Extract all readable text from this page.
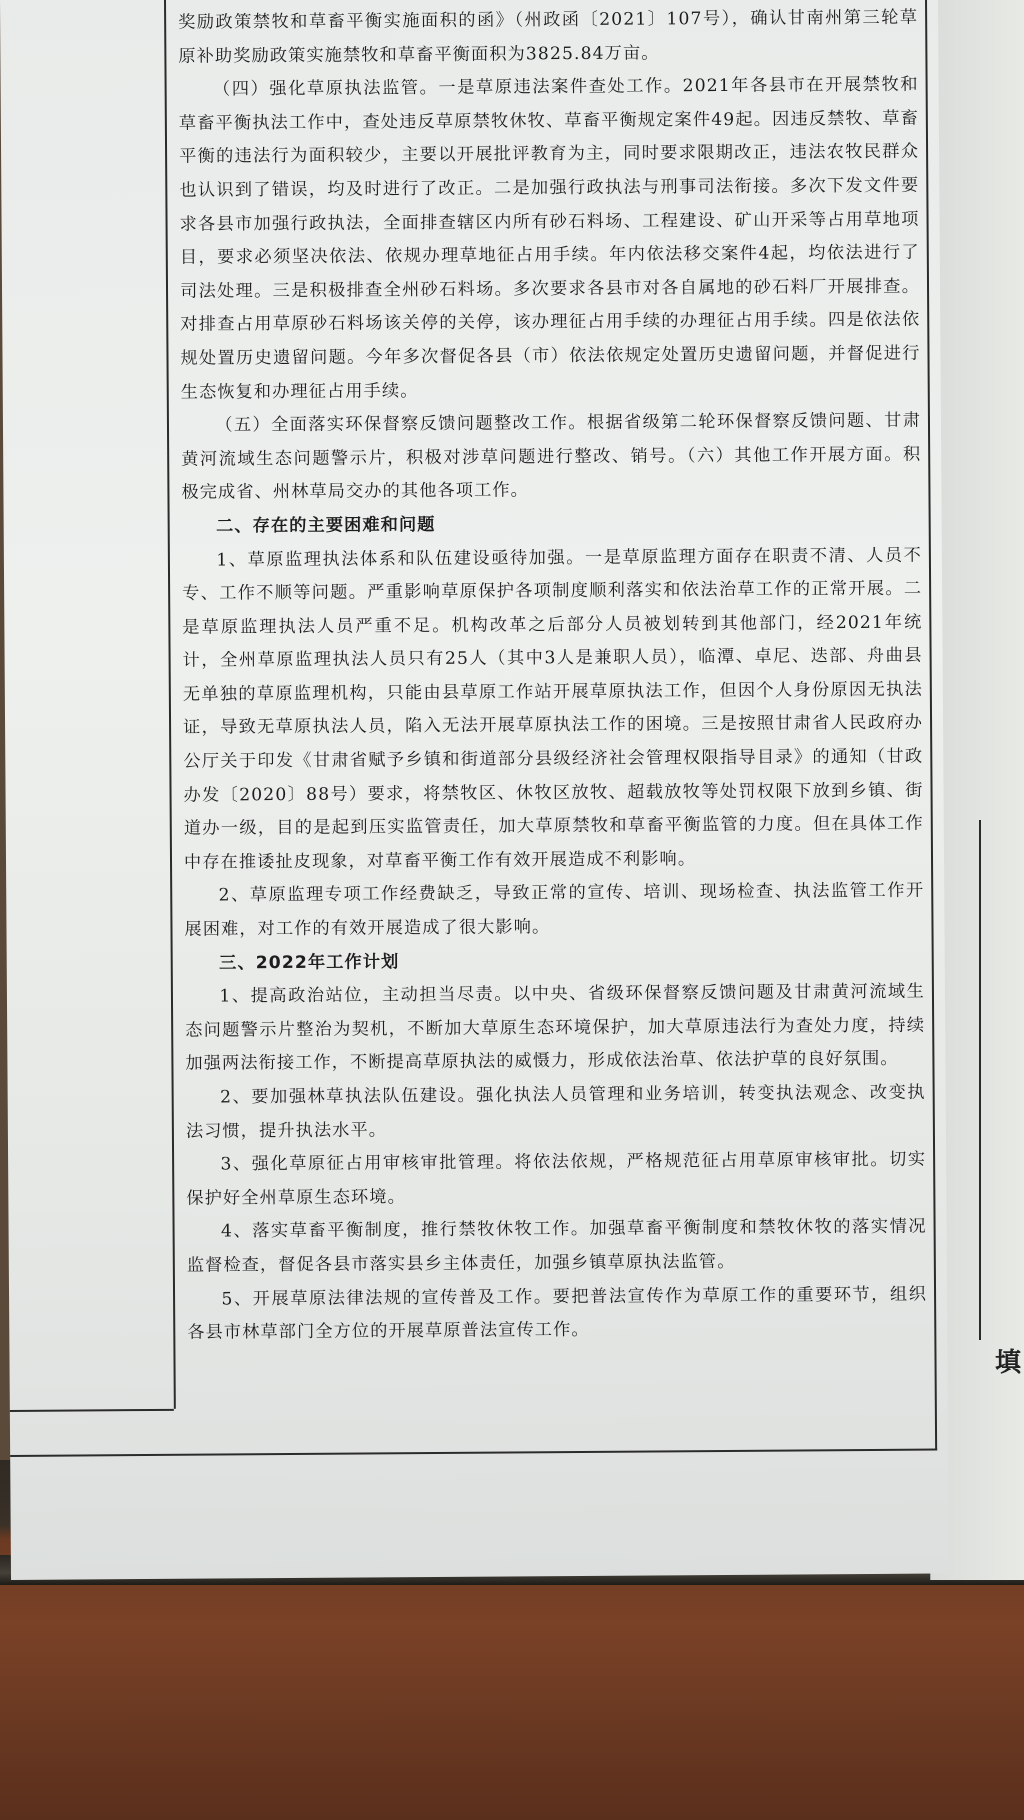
填

奖励政策禁牧和草畜平衡实施面积的函》（州政函〔2021〕107号），确认甘南州第三轮草原补助奖励政策实施禁牧和草畜平衡面积为3825.84万亩。

（四）强化草原执法监管。一是草原违法案件查处工作。2021年各县市在开展禁牧和草畜平衡执法工作中，查处违反草原禁牧休牧、草畜平衡规定案件49起。因违反禁牧、草畜平衡的违法行为面积较少，主要以开展批评教育为主，同时要求限期改正，违法农牧民群众也认识到了错误，均及时进行了改正。二是加强行政执法与刑事司法衔接。多次下发文件要求各县市加强行政执法，全面排查辖区内所有砂石料场、工程建设、矿山开采等占用草地项目，要求必须坚决依法、依规办理草地征占用手续。年内依法移交案件4起，均依法进行了司法处理。三是积极排查全州砂石料场。多次要求各县市对各自属地的砂石料厂开展排查。对排查占用草原砂石料场该关停的关停，该办理征占用手续的办理征占用手续。四是依法依规处置历史遗留问题。今年多次督促各县（市）依法依规定处置历史遗留问题，并督促进行生态恢复和办理征占用手续。

（五）全面落实环保督察反馈问题整改工作。根据省级第二轮环保督察反馈问题、甘肃黄河流域生态问题警示片，积极对涉草问题进行整改、销号。（六）其他工作开展方面。积极完成省、州林草局交办的其他各项工作。

二、存在的主要困难和问题

1、草原监理执法体系和队伍建设亟待加强。一是草原监理方面存在职责不清、人员不专、工作不顺等问题。严重影响草原保护各项制度顺利落实和依法治草工作的正常开展。二是草原监理执法人员严重不足。机构改革之后部分人员被划转到其他部门，经2021年统计，全州草原监理执法人员只有25人（其中3人是兼职人员），临潭、卓尼、迭部、舟曲县无单独的草原监理机构，只能由县草原工作站开展草原执法工作，但因个人身份原因无执法证，导致无草原执法人员，陷入无法开展草原执法工作的困境。三是按照甘肃省人民政府办公厅关于印发《甘肃省赋予乡镇和街道部分县级经济社会管理权限指导目录》的通知（甘政办发〔2020〕88号）要求，将禁牧区、休牧区放牧、超载放牧等处罚权限下放到乡镇、街道办一级，目的是起到压实监管责任，加大草原禁牧和草畜平衡监管的力度。但在具体工作中存在推诿扯皮现象，对草畜平衡工作有效开展造成不利影响。

2、草原监理专项工作经费缺乏，导致正常的宣传、培训、现场检查、执法监管工作开展困难，对工作的有效开展造成了很大影响。

三、2022年工作计划

1、提高政治站位，主动担当尽责。以中央、省级环保督察反馈问题及甘肃黄河流域生态问题警示片整治为契机，不断加大草原生态环境保护，加大草原违法行为查处力度，持续加强两法衔接工作，不断提高草原执法的威慑力，形成依法治草、依法护草的良好氛围。

2、要加强林草执法队伍建设。强化执法人员管理和业务培训，转变执法观念、改变执法习惯，提升执法水平。

3、强化草原征占用审核审批管理。将依法依规，严格规范征占用草原审核审批。切实保护好全州草原生态环境。

4、落实草畜平衡制度，推行禁牧休牧工作。加强草畜平衡制度和禁牧休牧的落实情况监督检查，督促各县市落实县乡主体责任，加强乡镇草原执法监管。

5、开展草原法律法规的宣传普及工作。要把普法宣传作为草原工作的重要环节，组织各县市林草部门全方位的开展草原普法宣传工作。
